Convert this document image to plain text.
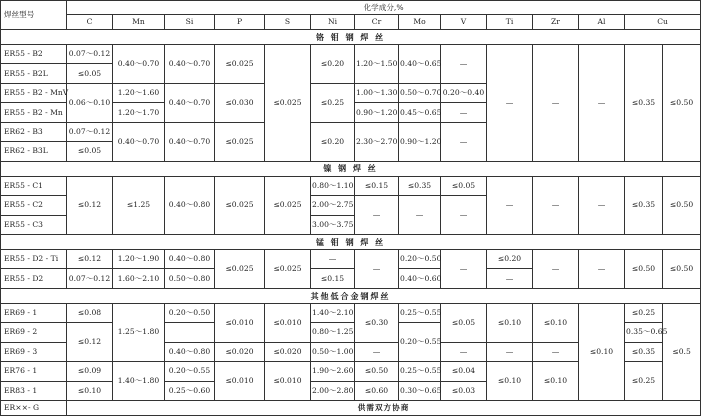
焊丝型号	化学成分,%													
	C	Mn	Si	P	S	Ni	Cr	Mo	V	Ti	Zr	Al	Cu	
铬 钼 钢 焊 丝														
ER55 - B2	0.07～0.12	0.40～0.70	0.40～0.70	≤0.025	≤0.025	≤0.20	1.20～1.50	0.40～0.65	—	—	—	—	≤0.35	≤0.50
ER55 - B2L	≤0.05													
ER55 - B2 - MnV	0.06～0.10	1.20～1.60	0.40～0.70	≤0.030		≤0.25	1.00～1.30	0.50～0.70	0.20～0.40					
ER55 - B2 - Mn		1.20～1.70					0.90～1.20	0.45～0.65	—					
ER62 - B3	0.07～0.12	0.40～0.70	0.40～0.70	≤0.025		≤0.20	2.30～2.70	0.90～1.20	—					
ER62 - B3L	≤0.05													
镍 钢 焊 丝														
ER55 - C1	≤0.12	≤1.25	0.40～0.80	≤0.025	≤0.025	0.80～1.10	≤0.15	≤0.35	≤0.05	—	—	—	≤0.35	≤0.50
ER55 - C2						2.00～2.75	—	—	—					
ER55 - C3						3.00～3.75								
锰 钼 钢 焊 丝														
ER55 - D2 - Ti	≤0.12	1.20～1.90	0.40～0.80	≤0.025	≤0.025	—	—	0.20～0.50	—	≤0.20	—	—	≤0.50	≤0.50
ER55 - D2	0.07～0.12	1.60～2.10	0.50～0.80			≤0.15		0.40～0.60		—				
其他低合金钢焊丝														
ER69 - 1	≤0.08	1.25～1.80	0.20～0.50	≤0.010	≤0.010	1.40～2.10	≤0.30	0.25～0.55	≤0.05	≤0.10	≤0.10	≤0.10	≤0.25	≤0.5
ER69 - 2	≤0.12					0.80～1.25		0.20～0.55					0.35～0.65	
ER69 - 3			0.40～0.80	≤0.020	≤0.020	0.50～1.00	—		—	—	—		≤0.35	
ER76 - 1	≤0.09	1.40～1.80	0.20～0.55	≤0.010	≤0.010	1.90～2.60	≤0.50	0.25～0.55	≤0.04	≤0.10	≤0.10		≤0.25	
ER83 - 1	≤0.10		0.25～0.60			2.00～2.80	≤0.60	0.30～0.65	≤0.03					
ER××- G	供需双方协商													
